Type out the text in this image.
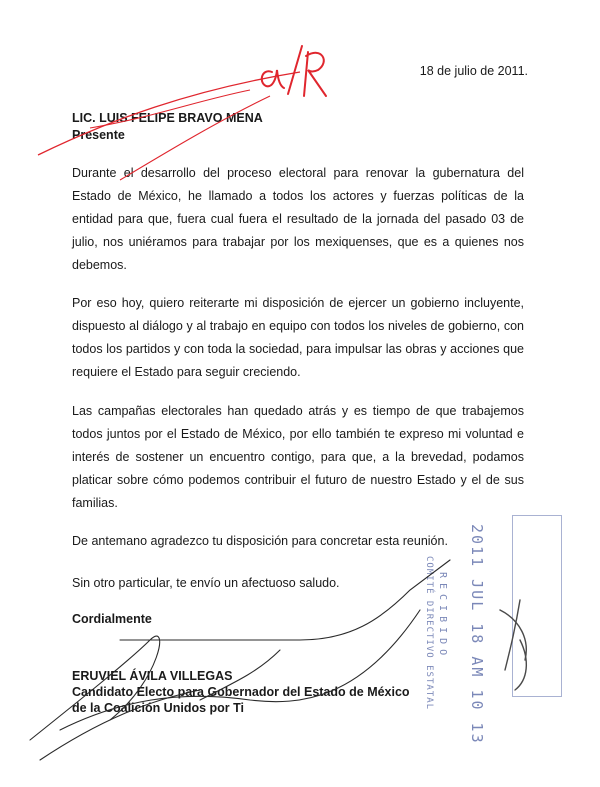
18 de julio de 2011.
LIC. LUIS FELIPE BRAVO MENA
Presente
Durante el desarrollo del proceso electoral para renovar la gubernatura del Estado de México, he llamado a todos los actores y fuerzas políticas de la entidad para que, fuera cual fuera el resultado de la jornada del pasado 03 de julio, nos uniéramos para trabajar por los mexiquenses, que es a quienes nos debemos.
Por eso hoy, quiero reiterarte mi disposición de ejercer un gobierno incluyente, dispuesto al diálogo y al trabajo en equipo con todos los niveles de gobierno, con todos los partidos y con toda la sociedad, para impulsar las obras y acciones que requiere el Estado para seguir creciendo.
Las campañas electorales han quedado atrás y es tiempo de que trabajemos todos juntos por el Estado de México, por ello también te expreso mi voluntad e interés de sostener un encuentro contigo, para que, a la brevedad, podamos platicar sobre cómo podemos contribuir el futuro de nuestro Estado y el de sus familias.
De antemano agradezco tu disposición para concretar esta reunión.
Sin otro particular, te envío un afectuoso saludo.
Cordialmente
ERUVIEL ÁVILA VILLEGAS
Candidato Electo para Gobernador del Estado de México
de la Coalición Unidos por Ti	2011 JUL 18 AM 10 13
RECIBIDO
COMITÉ DIRECTIVO ESTATAL
